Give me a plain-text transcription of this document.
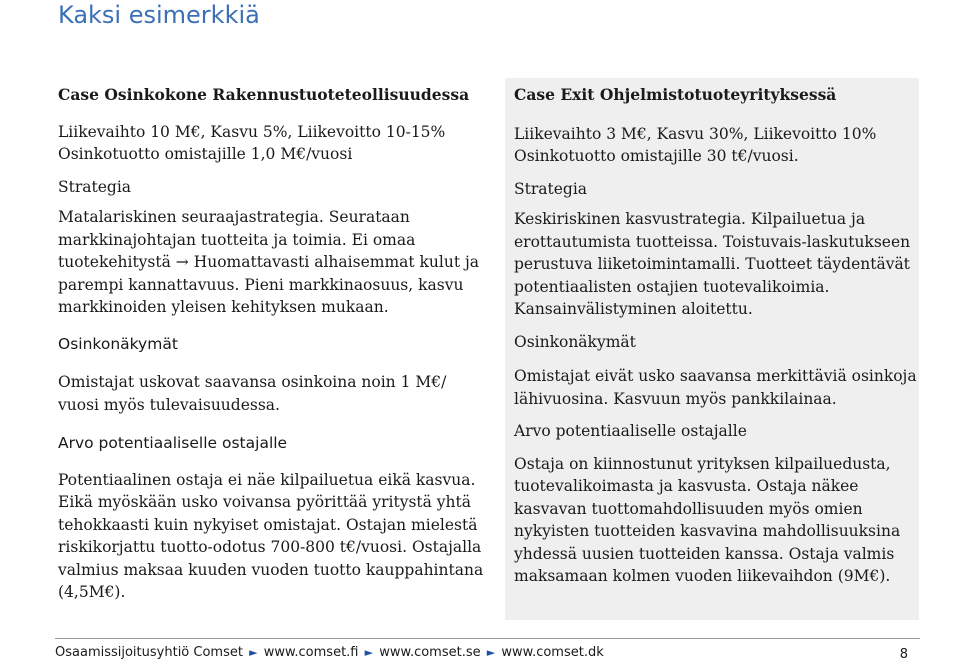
Kaksi esimerkkiä
Case Osinkokone Rakennustuoteteollisuudessa
Liikevaihto 10 M€, Kasvu 5%, Liikevoitto 10-15%
Osinkotuotto omistajille 1,0 M€/vuosi
Strategia
Matalariskinen seuraajastrategia. Seurataan markkinajohtajan tuotteita ja toimia. Ei omaa tuotekehitystä → Huomattavasti alhaisemmat kulut ja parempi kannattavuus. Pieni markkinaosuus, kasvu markkinoiden yleisen kehityksen mukaan.
Osinkonäkymät
Omistajat uskovat saavansa osinkoina noin 1 M€/ vuosi myös tulevaisuudessa.
Arvo potentiaaliselle ostajalle
Potentiaalinen ostaja ei näe kilpailuetua eikä kasvua. Eikä myöskään usko voivansa pyörittää yritystä yhtä tehokkaasti kuin nykyiset omistajat. Ostajan mielestä riskikorjattu tuotto-odotus 700-800 t€/vuosi. Ostajalla valmius maksaa kuuden vuoden tuotto kauppahintana (4,5M€).
Case Exit Ohjelmistotuoteyrityksessä
Liikevaihto 3 M€, Kasvu 30%, Liikevoitto 10%
Osinkotuotto omistajille 30 t€/vuosi.
Strategia
Keskiriskinen kasvustrategia. Kilpailuetua ja erottautumista tuotteissa. Toistuvais-laskutukseen perustuva liiketoimintamalli. Tuotteet täydentävät potentiaalisten ostajien tuotevalikoimia. Kansainvälistyminen aloitettu.
Osinkonäkymät
Omistajat eivät usko saavansa merkittäviä osinkoja lähivuosina. Kasvuun myös pankkilainaa.
Arvo potentiaaliselle ostajalle
Ostaja on kiinnostunut yrityksen kilpailuedusta, tuotevalikoimasta ja kasvusta. Ostaja näkee kasvavan tuottomahdollisuuden myös omien nykyisten tuotteiden kasvavina mahdollisuuksina yhdessä uusien tuotteiden kanssa. Ostaja valmis maksamaan kolmen vuoden liikevaihdon (9M€).
Osaamissijoitusyhtiö Comset ► www.comset.fi ► www.comset.se ► www.comset.dk	8
